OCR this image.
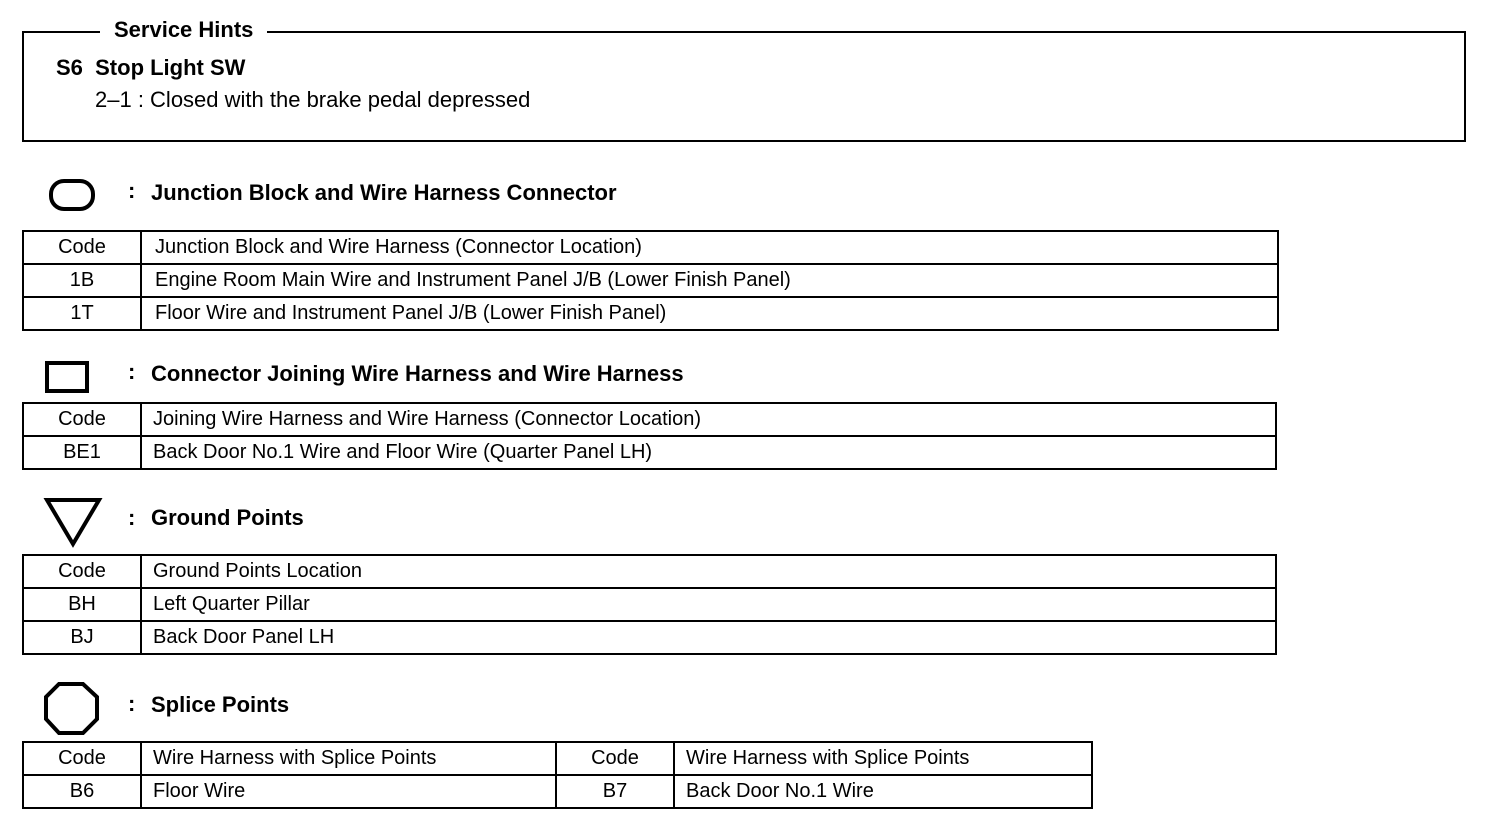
Service Hints
S6  Stop Light SW
2–1 : Closed with the brake pedal depressed
: Junction Block and Wire Harness Connector
Code	Junction Block and Wire Harness (Connector Location)
1B	Engine Room Main Wire and Instrument Panel J/B (Lower Finish Panel)
1T	Floor Wire and Instrument Panel J/B (Lower Finish Panel)
: Connector Joining Wire Harness and Wire Harness
Code	Joining Wire Harness and Wire Harness (Connector Location)
BE1	Back Door No.1 Wire and Floor Wire (Quarter Panel LH)
: Ground Points
Code	Ground Points Location
BH	Left Quarter Pillar
BJ	Back Door Panel LH
: Splice Points
Code	Wire Harness with Splice Points	Code	Wire Harness with Splice Points
B6	Floor Wire	B7	Back Door No.1 Wire
